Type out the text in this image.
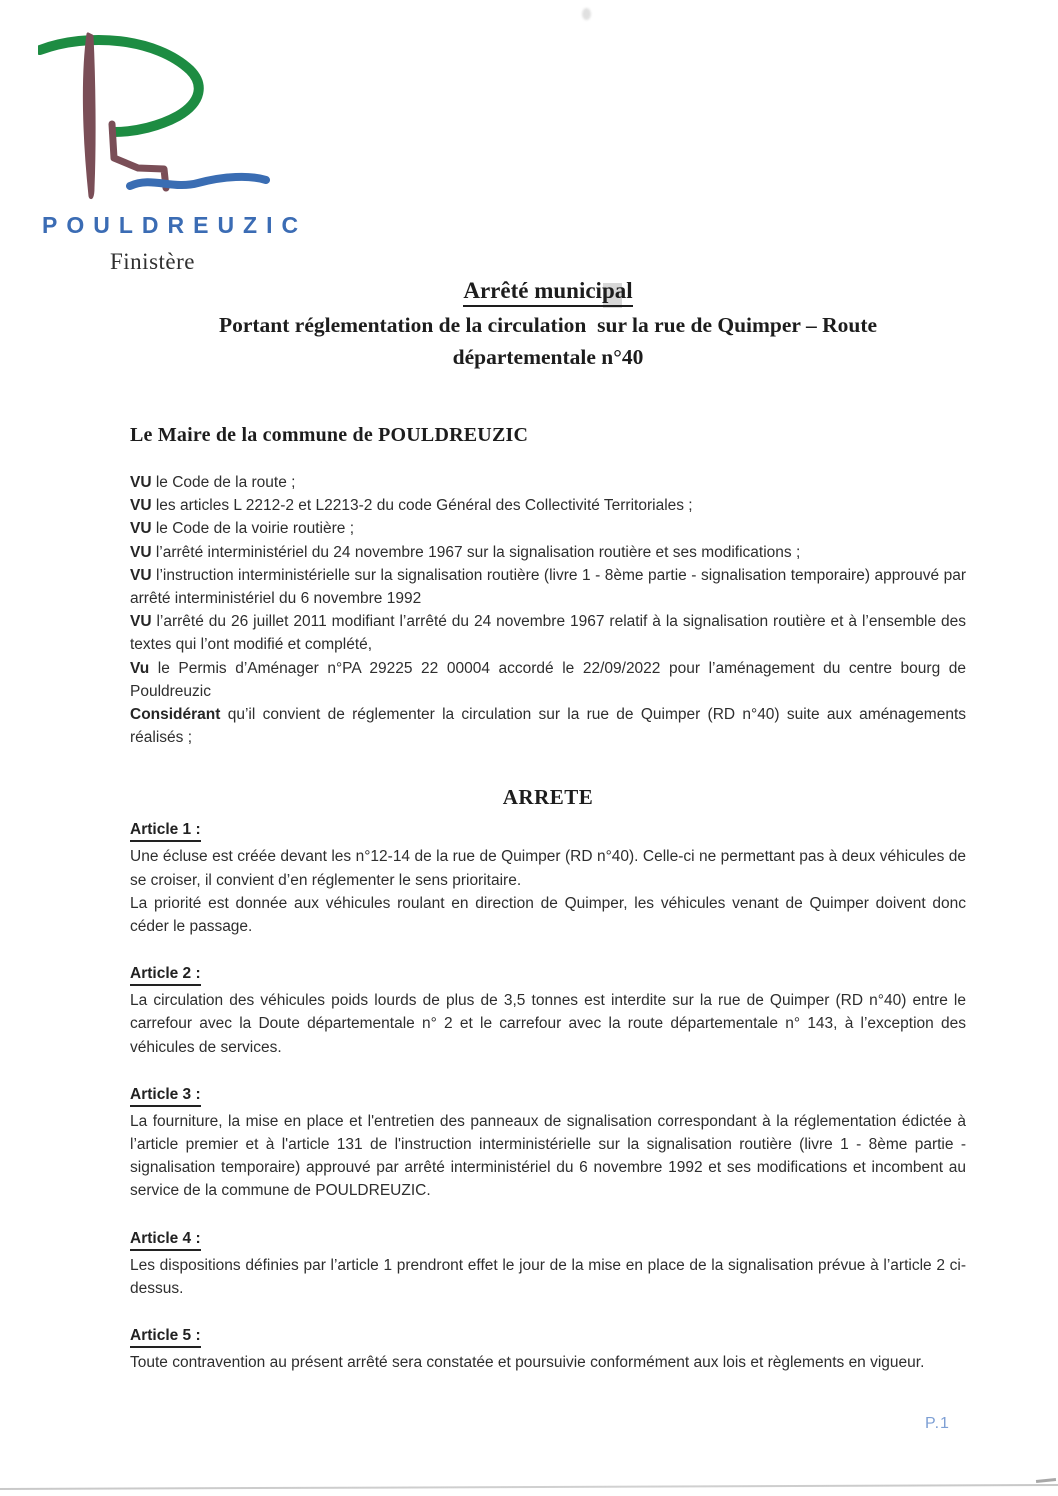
POULDREUZIC
Finistère
Arrêté municipal
Portant réglementation de la circulation  sur la rue de Quimper – Route
départementale n°40
Le Maire de la commune de POULDREUZIC

VU le Code de la route ;

VU les articles L 2212-2 et L2213-2 du code Général des Collectivité Territoriales ;

VU le Code de la voirie routière ;

VU l’arrêté interministériel du 24 novembre 1967 sur la signalisation routière et ses modifications ;

VU l’instruction interministérielle sur la signalisation routière (livre 1 - 8ème partie - signalisation temporaire) approuvé par arrêté interministériel du 6 novembre 1992

VU l’arrêté du 26 juillet 2011 modifiant l’arrêté du 24 novembre 1967 relatif à la signalisation routière et à l’ensemble des textes qui l’ont modifié et complété,

Vu le Permis d’Aménager n°PA 29225 22 00004 accordé le 22/09/2022 pour l’aménagement du centre bourg de Pouldreuzic

Considérant qu’il convient de réglementer la circulation sur la rue de Quimper (RD n°40) suite aux aménagements réalisés ;

ARRETE
Article 1 :

Une écluse est créée devant les n°12-14 de la rue de Quimper (RD n°40). Celle-ci ne permettant pas à deux véhicules de se croiser, il convient d’en réglementer le sens prioritaire.

La priorité est donnée aux véhicules roulant en direction de Quimper, les véhicules venant de Quimper doivent donc céder le passage.

Article 2 :

La circulation des véhicules poids lourds de plus de 3,5 tonnes est interdite sur la rue de Quimper (RD n°40) entre le carrefour avec la Doute départementale n° 2 et le carrefour avec la route départementale n° 143, à l’exception des véhicules de services.

Article 3 :

La fourniture, la mise en place et l'entretien des panneaux de signalisation correspondant à la réglementation édictée à l’article premier et à l'article 131 de l'instruction interministérielle sur la signalisation routière (livre 1 - 8ème partie - signalisation temporaire) approuvé par arrêté interministériel du 6 novembre 1992 et ses modifications et incombent au service de la commune de POULDREUZIC.

Article 4 :

Les dispositions définies par l’article 1 prendront effet le jour de la mise en place de la signalisation prévue à l’article 2 ci-dessus.

Article 5 :

Toute contravention au présent arrêté sera constatée et poursuivie conformément aux lois et règlements en vigueur.

P.1
